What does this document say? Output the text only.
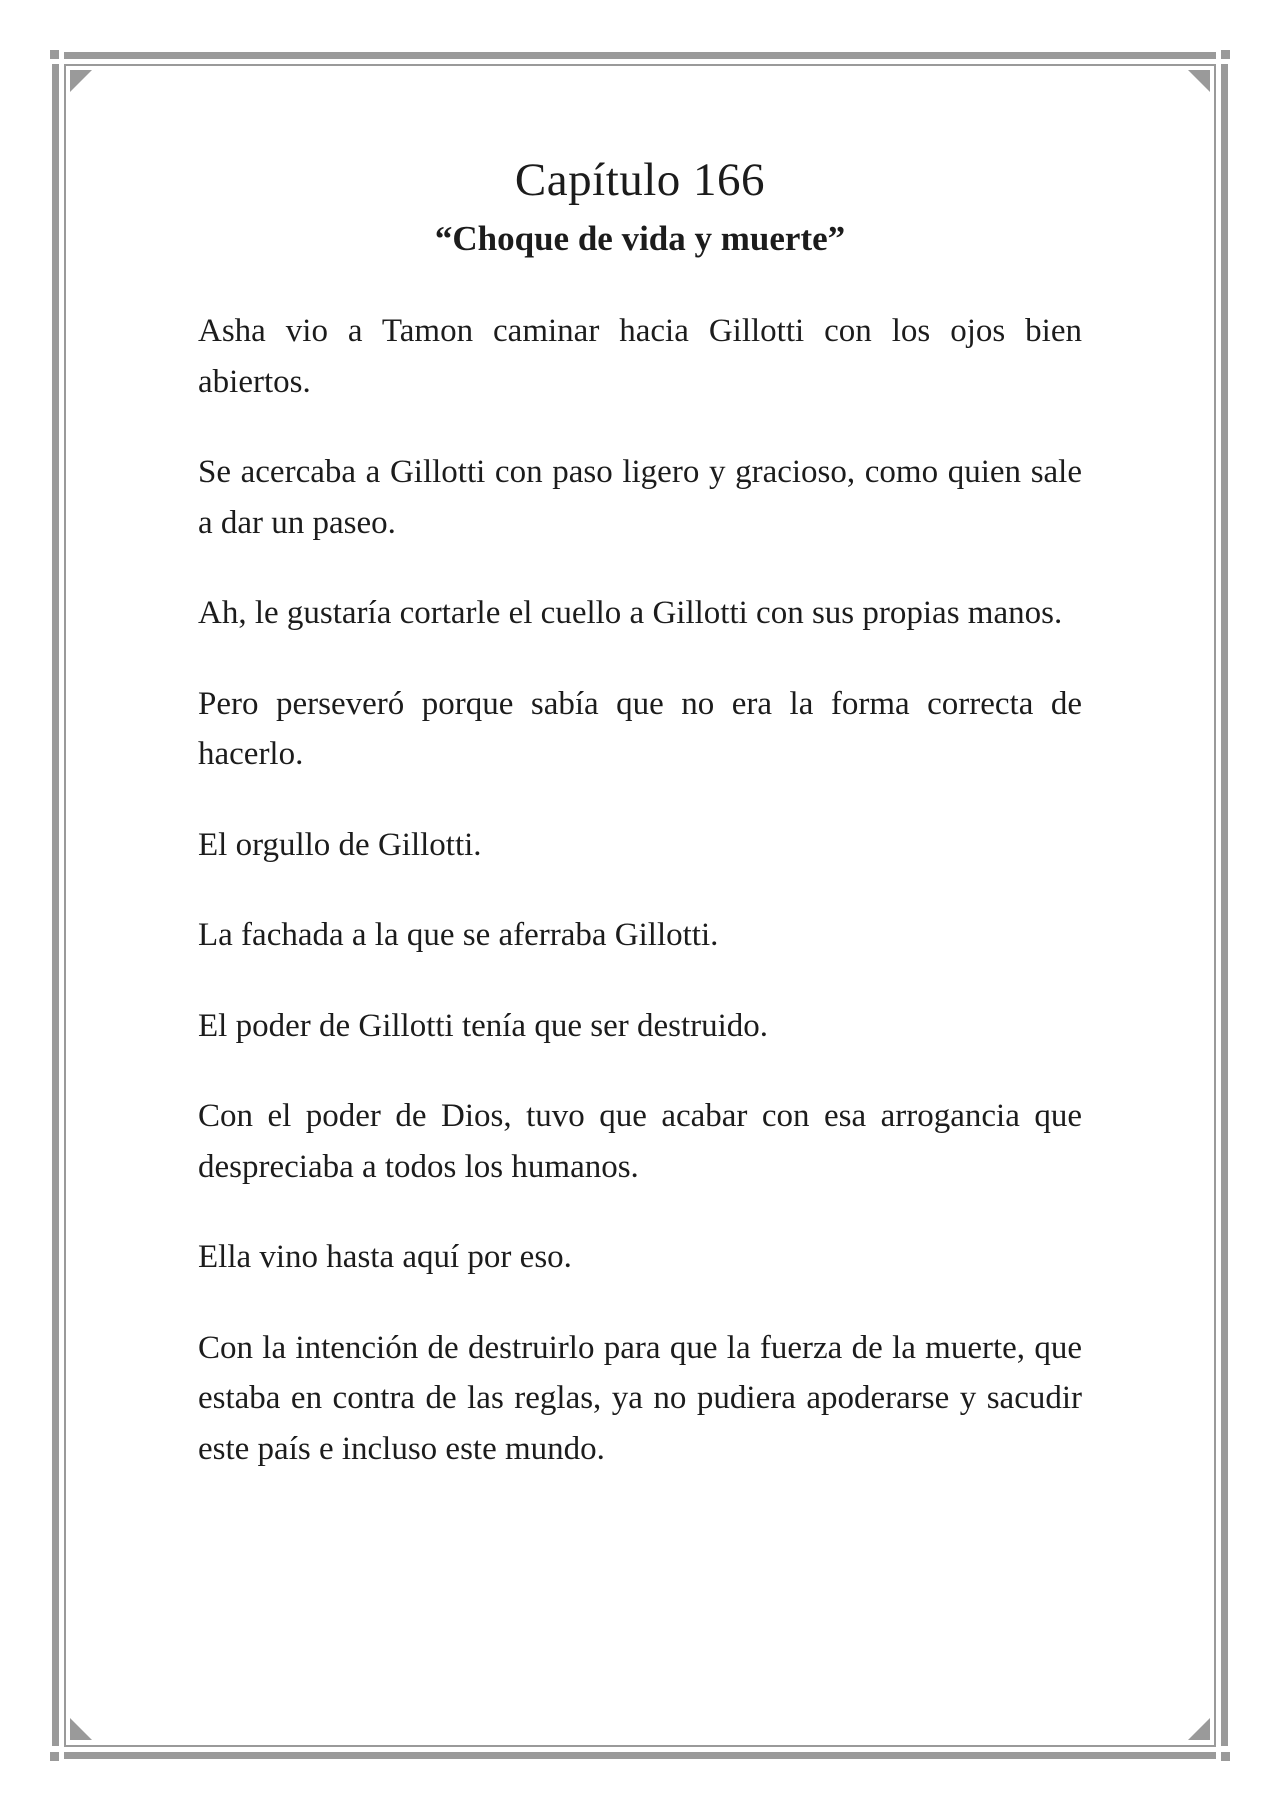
Capítulo 166
“Choque de vida y muerte”

Asha vio a Tamon caminar hacia Gillotti con los ojos bien abiertos.

Se acercaba a Gillotti con paso ligero y gracioso, como quien sale a dar un paseo.

Ah, le gustaría cortarle el cuello a Gillotti con sus propias manos.

Pero perseveró porque sabía que no era la forma correcta de hacerlo.

El orgullo de Gillotti.

La fachada a la que se aferraba Gillotti.

El poder de Gillotti tenía que ser destruido.

Con el poder de Dios, tuvo que acabar con esa arrogancia que despreciaba a todos los humanos.

Ella vino hasta aquí por eso.

Con la intención de destruirlo para que la fuerza de la muerte, que estaba en contra de las reglas, ya no pudiera apoderarse y sacudir este país e incluso este mundo.
